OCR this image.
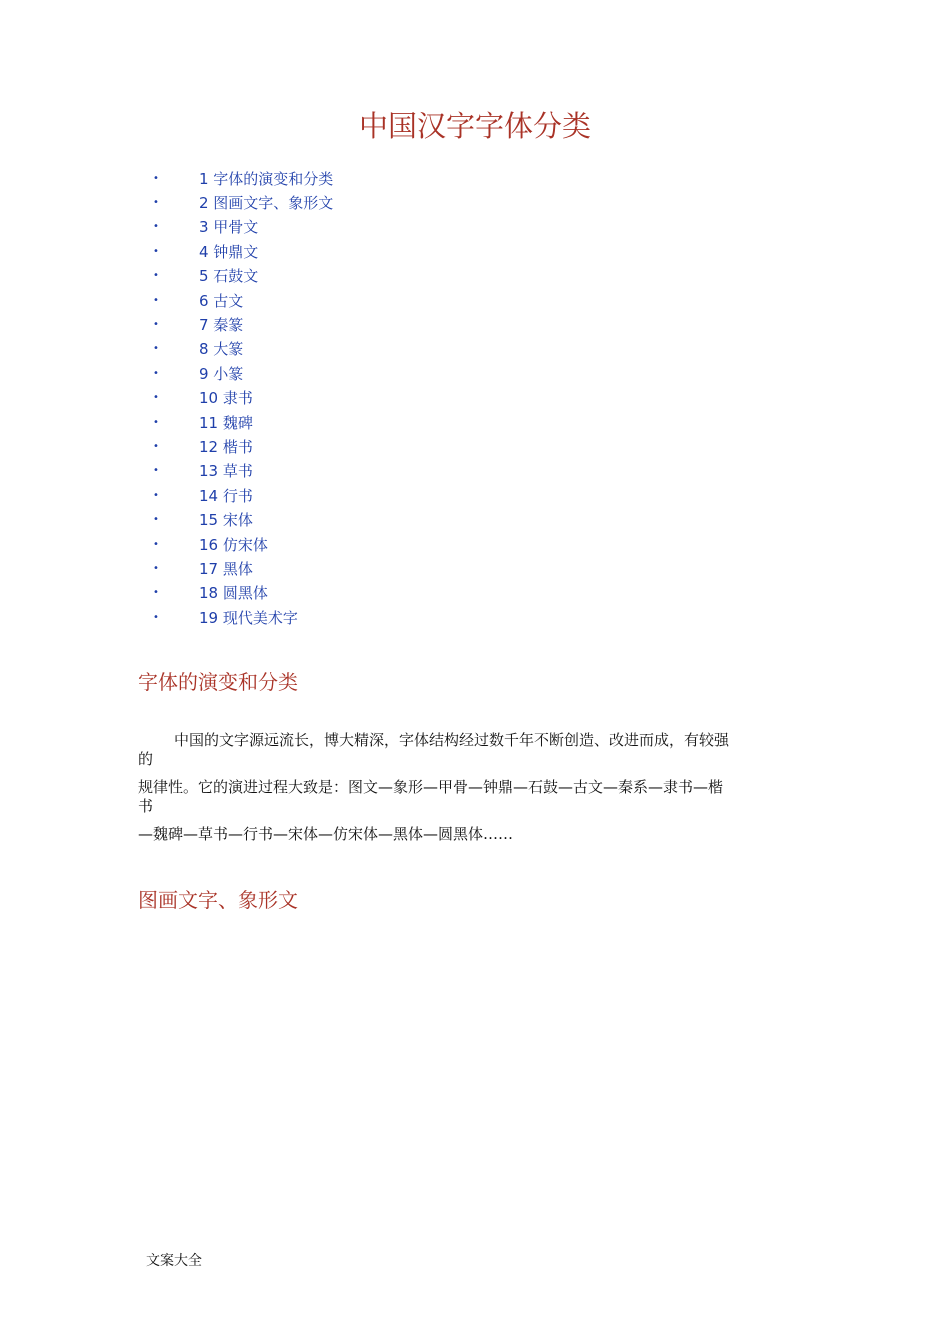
中国汉字字体分类
•	1 字体的演变和分类
•	2 图画文字、象形文
•	3 甲骨文
•	4 钟鼎文
•	5 石鼓文
•	6 古文
•	7 秦篆
•	8 大篆
•	9 小篆
•	10 隶书
•	11 魏碑
•	12 楷书
•	13 草书
•	14 行书
•	15 宋体
•	16 仿宋体
•	17 黑体
•	18 圆黑体
•	19 现代美术字
字体的演变和分类
中国的文字源远流长，博大精深，字体结构经过数千年不断创造、改进而成，有较强
的
规律性。它的演进过程大致是：图文—象形—甲骨—钟鼎—石鼓—古文—秦系—隶书—楷
书
—魏碑—草书—行书—宋体—仿宋体—黑体—圆黑体……
图画文字、象形文

文案大全
